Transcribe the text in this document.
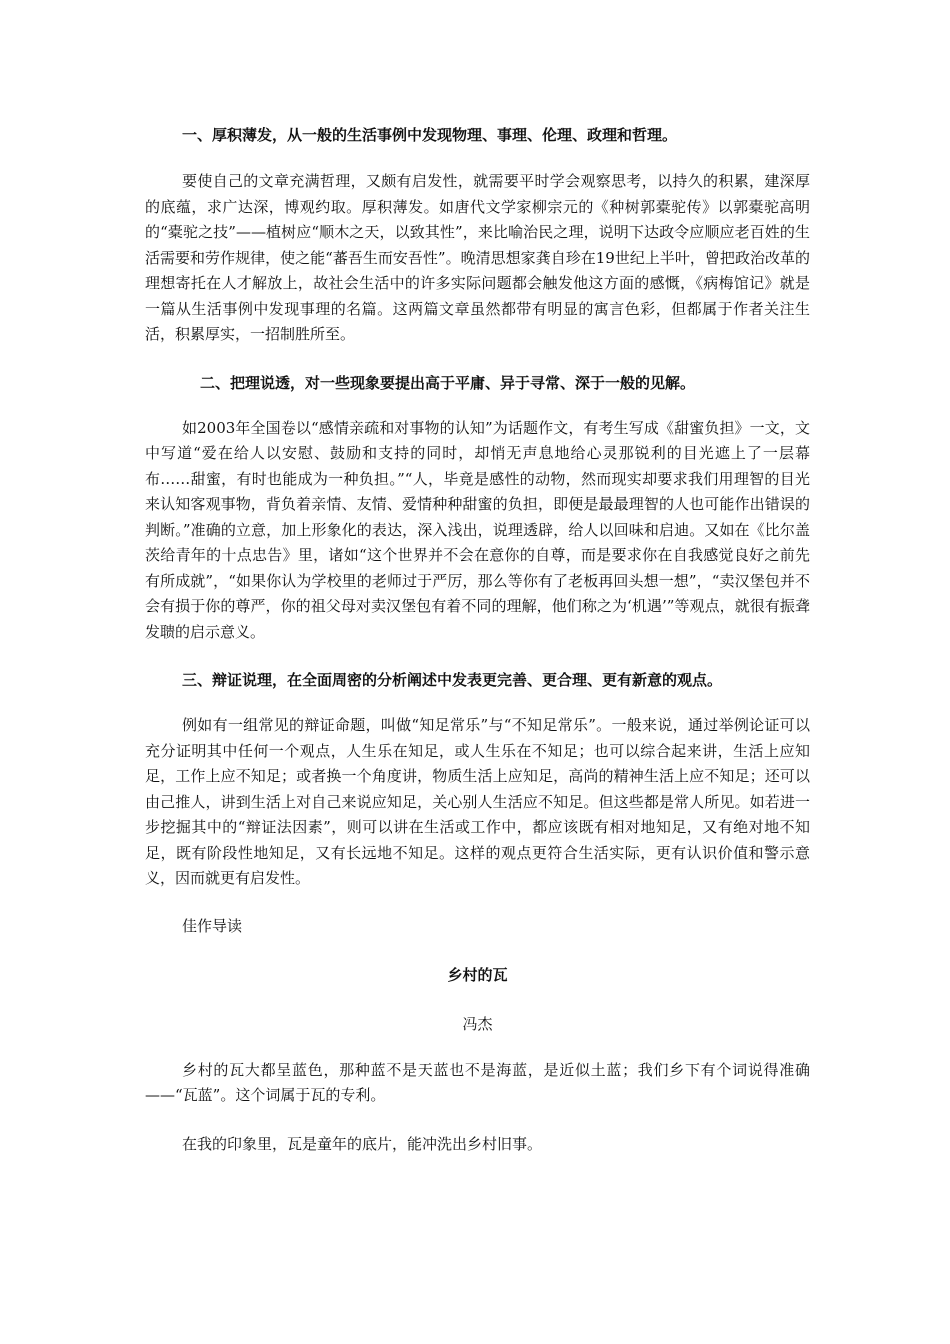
一、厚积薄发，从一般的生活事例中发现物理、事理、伦理、政理和哲理。

要使自己的文章充满哲理，又颇有启发性，就需要平时学会观察思考，以持久的积累，建深厚的底蕴，求广达深，博观约取。厚积薄发。如唐代文学家柳宗元的《种树郭橐驼传》以郭橐驼高明的“橐驼之技”——植树应“顺木之天，以致其性”，来比喻治民之理，说明下达政令应顺应老百姓的生活需要和劳作规律，使之能“蕃吾生而安吾性”。晚清思想家龚自珍在19世纪上半叶，曾把政治改革的理想寄托在人才解放上，故社会生活中的许多实际问题都会触发他这方面的感慨，《病梅馆记》就是一篇从生活事例中发现事理的名篇。这两篇文章虽然都带有明显的寓言色彩，但都属于作者关注生活，积累厚实，一招制胜所至。

二、把理说透，对一些现象要提出高于平庸、异于寻常、深于一般的见解。

如2003年全国卷以“感情亲疏和对事物的认知”为话题作文，有考生写成《甜蜜负担》一文，文中写道“爱在给人以安慰、鼓励和支持的同时，却悄无声息地给心灵那锐利的目光遮上了一层幕布……甜蜜，有时也能成为一种负担。”“人，毕竟是感性的动物，然而现实却要求我们用理智的目光来认知客观事物，背负着亲情、友情、爱情种种甜蜜的负担，即便是最最理智的人也可能作出错误的判断。”准确的立意，加上形象化的表达，深入浅出，说理透辟，给人以回味和启迪。又如在《比尔盖茨给青年的十点忠告》里，诸如“这个世界并不会在意你的自尊，而是要求你在自我感觉良好之前先有所成就”，“如果你认为学校里的老师过于严厉，那么等你有了老板再回头想一想”，“卖汉堡包并不会有损于你的尊严，你的祖父母对卖汉堡包有着不同的理解，他们称之为‘机遇’”等观点，就很有振聋发聩的启示意义。

三、辩证说理，在全面周密的分析阐述中发表更完善、更合理、更有新意的观点。

例如有一组常见的辩证命题，叫做“知足常乐”与“不知足常乐”。一般来说，通过举例论证可以充分证明其中任何一个观点，人生乐在知足，或人生乐在不知足；也可以综合起来讲，生活上应知足，工作上应不知足；或者换一个角度讲，物质生活上应知足，高尚的精神生活上应不知足；还可以由己推人，讲到生活上对自己来说应知足，关心别人生活应不知足。但这些都是常人所见。如若进一步挖掘其中的“辩证法因素”，则可以讲在生活或工作中，都应该既有相对地知足，又有绝对地不知足，既有阶段性地知足，又有长远地不知足。这样的观点更符合生活实际，更有认识价值和警示意义，因而就更有启发性。

佳作导读
乡村的瓦
冯杰

乡村的瓦大都呈蓝色，那种蓝不是天蓝也不是海蓝，是近似土蓝；我们乡下有个词说得准确——“瓦蓝”。这个词属于瓦的专利。

在我的印象里，瓦是童年的底片，能冲洗出乡村旧事。
